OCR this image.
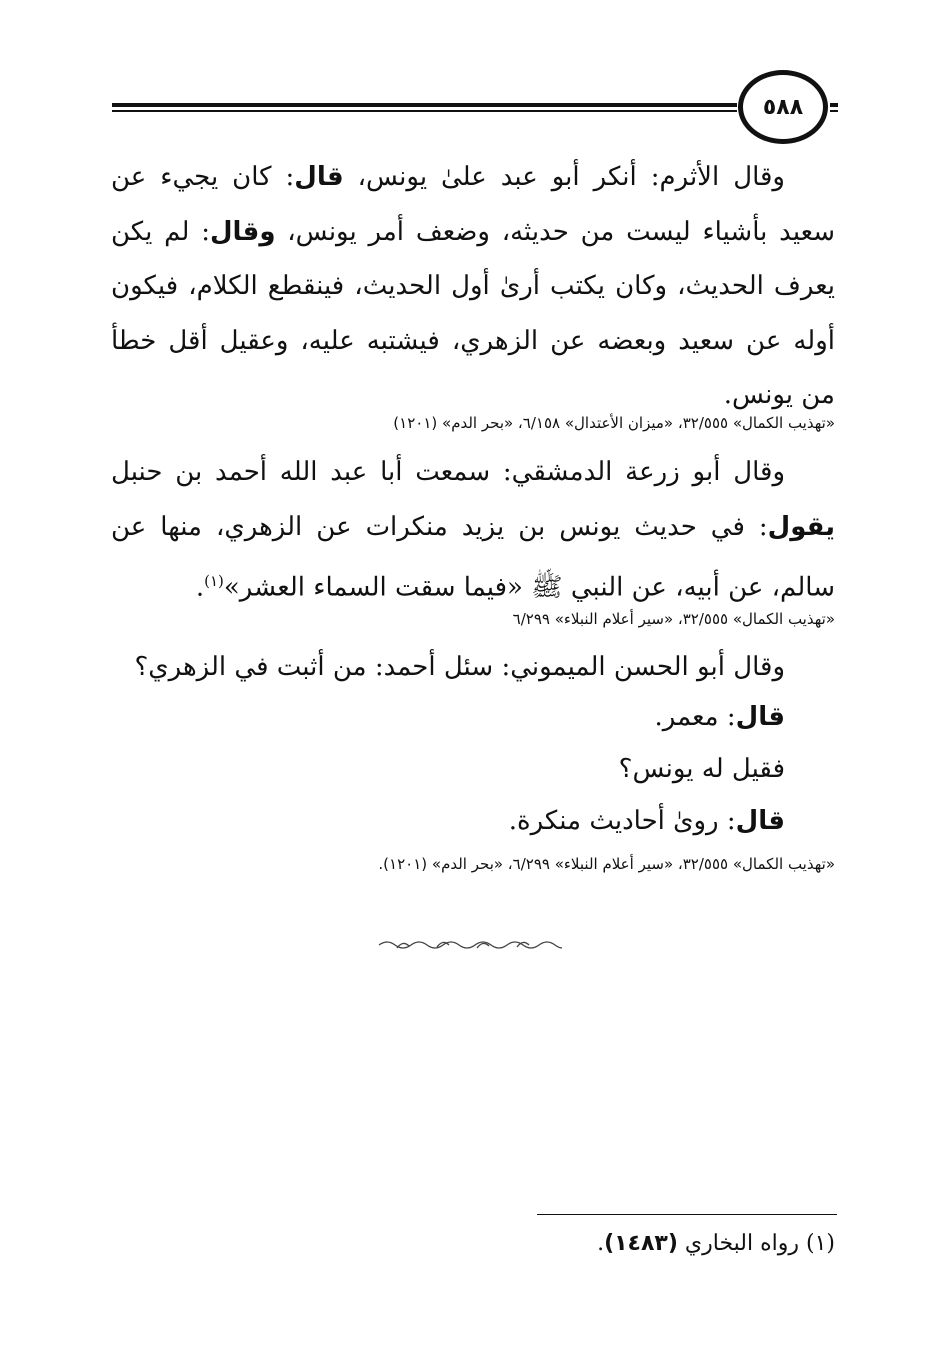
٥٨٨
وقال الأثرم: أنكر أبو عبد علىٰ يونس، قال: كان يجيء عن سعيد بأشياء ليست من حديثه، وضعف أمر يونس، وقال: لم يكن يعرف الحديث، وكان يكتب أرىٰ أول الحديث، فينقطع الكلام، فيكون أوله عن سعيد وبعضه عن الزهري، فيشتبه عليه، وعقيل أقل خطأ من يونس.
«تهذيب الكمال» ٣٢/٥٥٥، «ميزان الأعتدال» ٦/١٥٨، «بحر الدم» (١٢٠١)
وقال أبو زرعة الدمشقي: سمعت أبا عبد الله أحمد بن حنبل يقول: في حديث يونس بن يزيد منكرات عن الزهري، منها عن سالم، عن أبيه، عن النبي ﷺ «فيما سقت السماء العشر»$^{(١)}$.
«تهذيب الكمال» ٣٢/٥٥٥، «سير أعلام النبلاء» ٦/٢٩٩
وقال أبو الحسن الميموني: سئل أحمد: من أثبت في الزهري؟
قال: معمر.
فقيل له يونس؟
قال: رویٰ أحاديث منكرة.
«تهذيب الكمال» ٣٢/٥٥٥، «سير أعلام النبلاء» ٦/٢٩٩، «بحر الدم» (١٢٠١).
(١) رواه البخاري (١٤٨٣).
